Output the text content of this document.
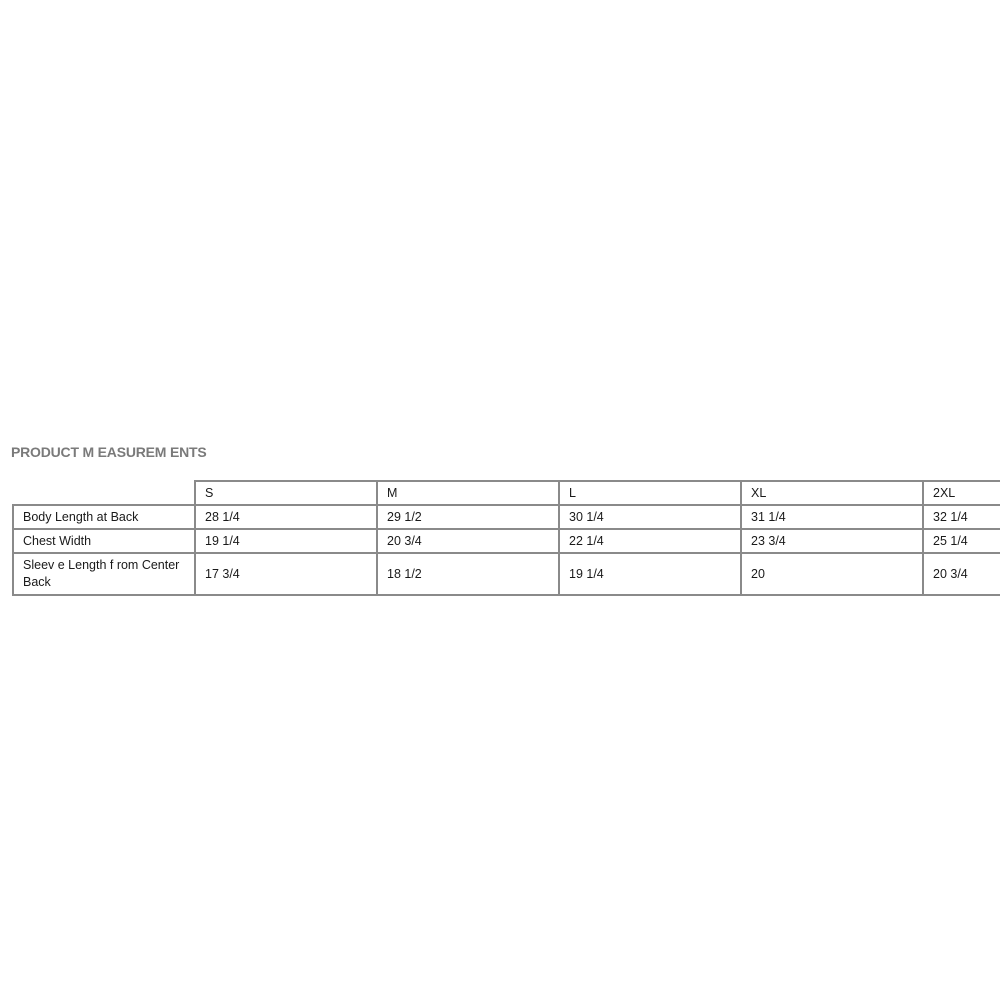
PRODUCT M EASUREM ENTS
	S	M	L	XL	2XL
Body Length at Back	28 1/4	29 1/2	30 1/4	31 1/4	32 1/4
Chest Width	19 1/4	20 3/4	22 1/4	23 3/4	25 1/4
Sleev e Length f rom Center Back	17 3/4	18 1/2	19 1/4	20	20 3/4
